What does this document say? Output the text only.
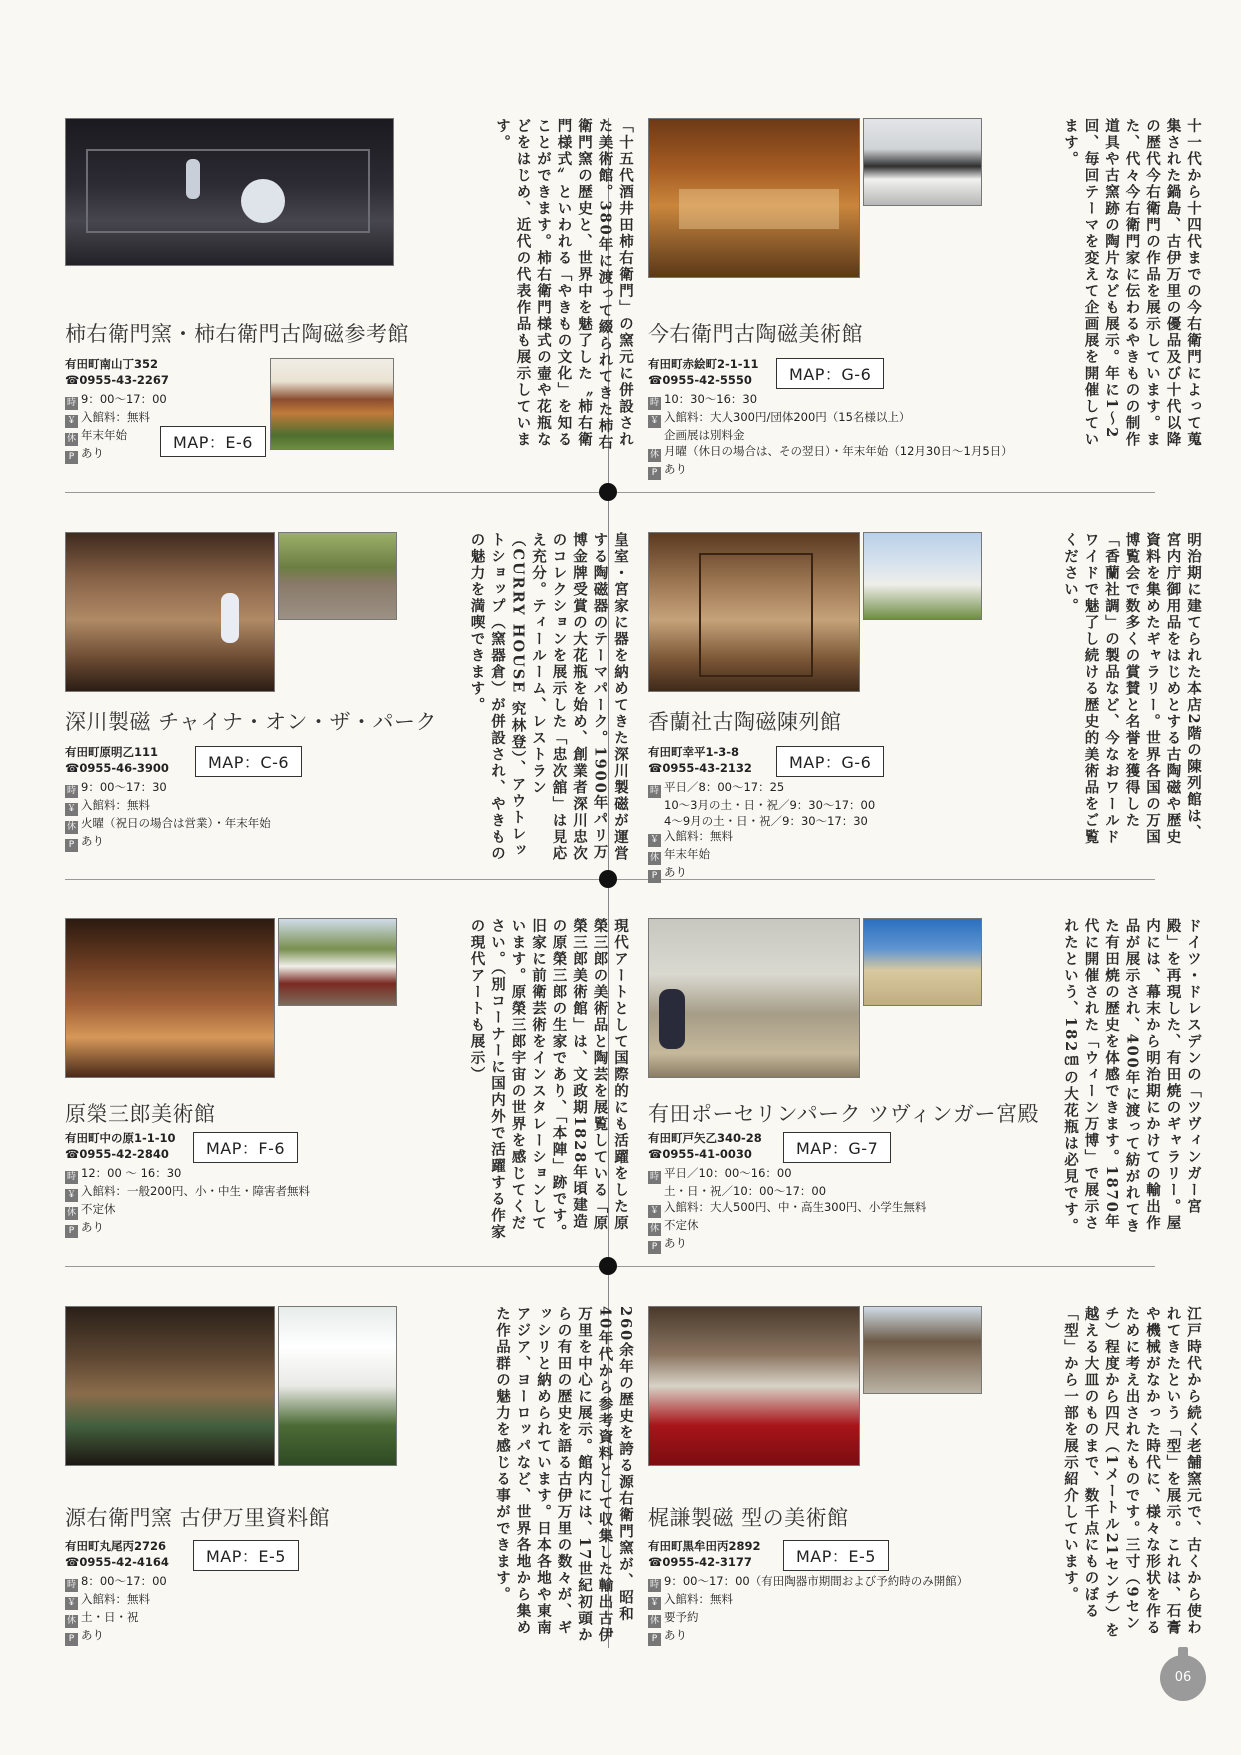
柿右衛門窯・柿右衛門古陶磁参考館
有田町南山丁352
☎0955-43-2267
MAP：E-6
時 9：00～17：00
￥ 入館料：無料
休 年末年始
P あり
「十五代酒井田柿右衛門」の窯元に併設された美術館。380年に渡って綴られてきた柿右衛門窯の歴史と、世界中を魅了した〝柿右衛門様式〟といわれる「やきもの文化」を知ることができます。柿右衛門様式の壷や花瓶などをはじめ、近代の代表作品も展示しています。
今右衛門古陶磁美術館
有田町赤絵町2-1-11
☎0955-42-5550	MAP：G-6
時 10：30～16：30
￥ 入館料：大人300円/団体200円（15名様以上）
企画展は別料金
休 月曜（休日の場合は、その翌日）・年末年始（12月30日～1月5日）
P あり
十一代から十四代までの今右衛門によって蒐集された鍋島、古伊万里の優品及び十代以降の歴代今右衛門の作品を展示しています。また、代々今右衛門家に伝わるやきものの制作道具や古窯跡の陶片なども展示。年に1～2回、毎回テーマを変えて企画展を開催しています。
深川製磁 チャイナ・オン・ザ・パーク
有田町原明乙111
☎0955-46-3900	MAP：C-6
時 9：00～17：30
￥ 入館料：無料
休 火曜（祝日の場合は営業）・年末年始
P あり	皇室・宮家に器を納めてきた深川製磁が運営する陶磁器のテーマパーク。1900年パリ万博金牌受賞の大花瓶を始め、創業者深川忠次のコレクションを展示した「忠次舘」は見応え充分。ティールーム、レストラン（CURRY HOUSE 究林登）、アウトレットショップ（窯器倉）が併設され、やきものの魅力を満喫できます。
香蘭社古陶磁陳列館
有田町幸平1-3-8
☎0955-43-2132	MAP：G-6
時 平日／8：00～17：25
10～3月の土・日・祝／9：30～17：00
4～9月の土・日・祝／9：30～17：30
￥ 入館料：無料
休 年末年始
P あり
明治期に建てられた本店2階の陳列館は、宮内庁御用品をはじめとする古陶磁や歴史資料を集めたギャラリー。世界各国の万国博覧会で数多くの賞賛と名誉を獲得した「香蘭社調」の製品など、今なおワールドワイドで魅了し続ける歴史的美術品をご覧ください。
原榮三郎美術館
有田町中の原1-1-10
☎0955-42-2840	MAP：F-6
時 12：00 ～ 16：30
￥ 入館料：一般200円、小・中生・障害者無料
休 不定休
P あり	現代アートとして国際的にも活躍をした原榮三郎の美術品と陶芸を展覧している「原榮三郎美術館」は、文政期1828年頃建造の原榮三郎の生家であり、「本陣」跡です。旧家に前衛芸術をインスタレーションしています。原榮三郎宇宙の世界を感じてください。（別コーナーに国内外で活躍する作家の現代アートも展示）
有田ポーセリンパーク ツヴィンガー宮殿
有田町戸矢乙340-28
☎0955-41-0030	MAP：G-7
時 平日／10：00～16：00
土・日・祝／10：00～17：00
￥ 入館料：大人500円、中・高生300円、小学生無料
休 不定休
P あり
ドイツ・ドレスデンの「ツヴィンガー宮殿」を再現した、有田焼のギャラリー。屋内には、幕末から明治期にかけての輸出作品が展示され、400年に渡って紡がれてきた有田焼の歴史を体感できます。1870年代に開催された「ウィーン万博」で展示されたという、182㎝の大花瓶は必見です。
源右衛門窯 古伊万里資料館
有田町丸尾丙2726
☎0955-42-4164	MAP：E-5
時 8：00～17：00
￥ 入館料：無料
休 土・日・祝
P あり
260余年の歴史を誇る源右衛門窯が、昭和40年代から参考資料として収集した輸出古伊万里を中心に展示。館内には、17世紀初頭からの有田の歴史を語る古伊万里の数々が、ギッシリと納められています。日本各地や東南アジア、ヨーロッパなど、世界各地から集めた作品群の魅力を感じる事ができます。	梶謙製磁 型の美術館
有田町黒牟田丙2892
☎0955-42-3177	MAP：E-5
時 9：00～17：00（有田陶器市期間および予約時のみ開館）
￥ 入館料：無料
休 要予約
P あり	江戸時代から続く老舗窯元で、古くから使われてきたという「型」を展示。これは、石膏や機械がなかった時代に、様々な形状を作るために考え出されたものです。三寸（9センチ）程度から四尺（1メートル21センチ）を越える大皿のものまで、数千点にものぼる「型」から一部を展示紹介しています。
06
